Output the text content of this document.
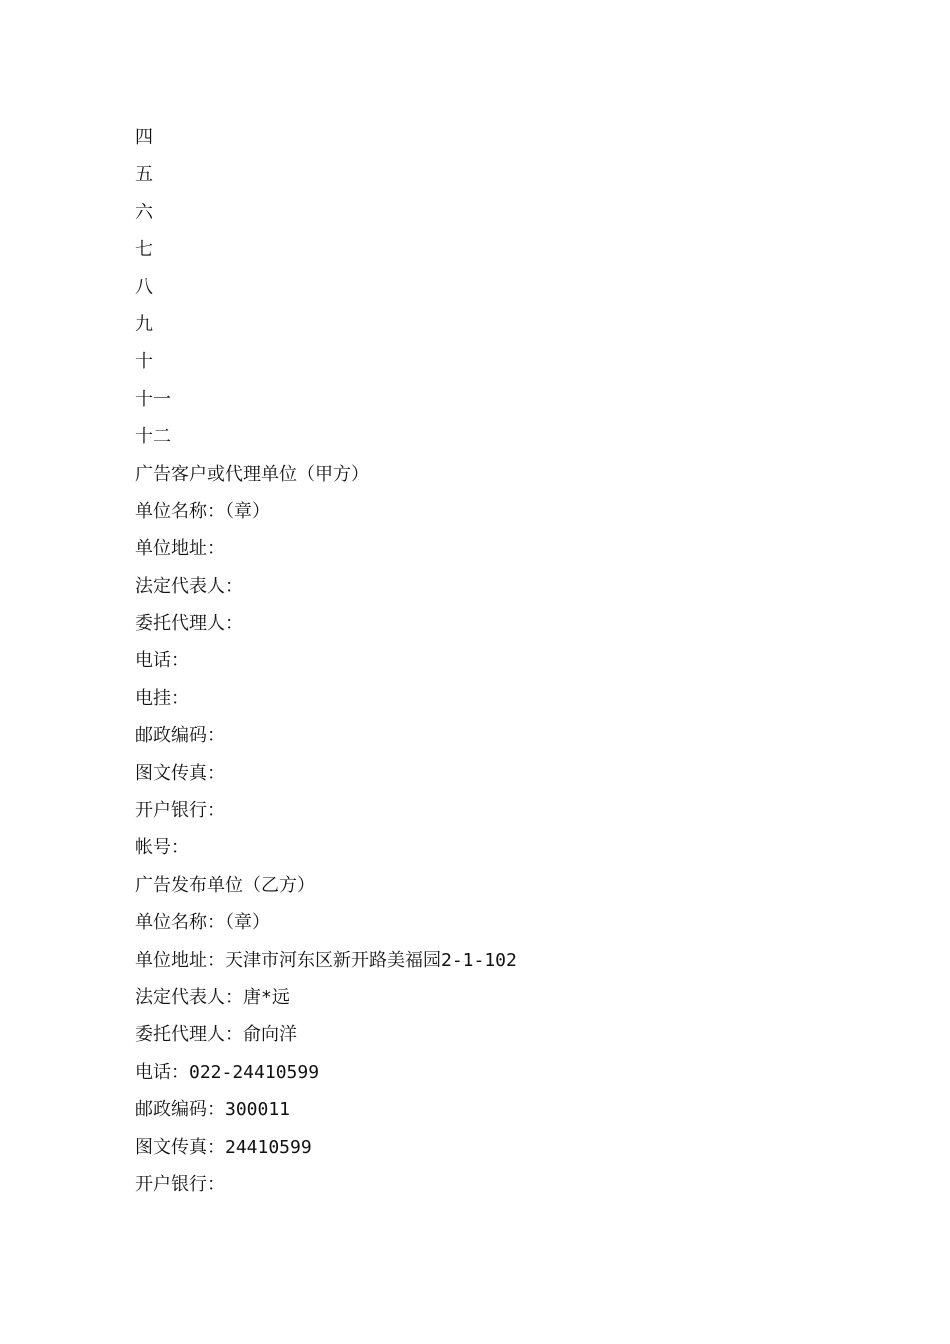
四
五
六
七
八
九
十
十一
十二
广告客户或代理单位（甲方）
单位名称：（章）
单位地址：
法定代表人：
委托代理人：
电话：
电挂：
邮政编码：
图文传真：
开户银行：
帐号：
广告发布单位（乙方）
单位名称：（章）
单位地址：天津市河东区新开路美福园2-1-102
法定代表人：唐*远
委托代理人：俞向洋
电话：022-24410599
邮政编码：300011
图文传真：24410599
开户银行：
